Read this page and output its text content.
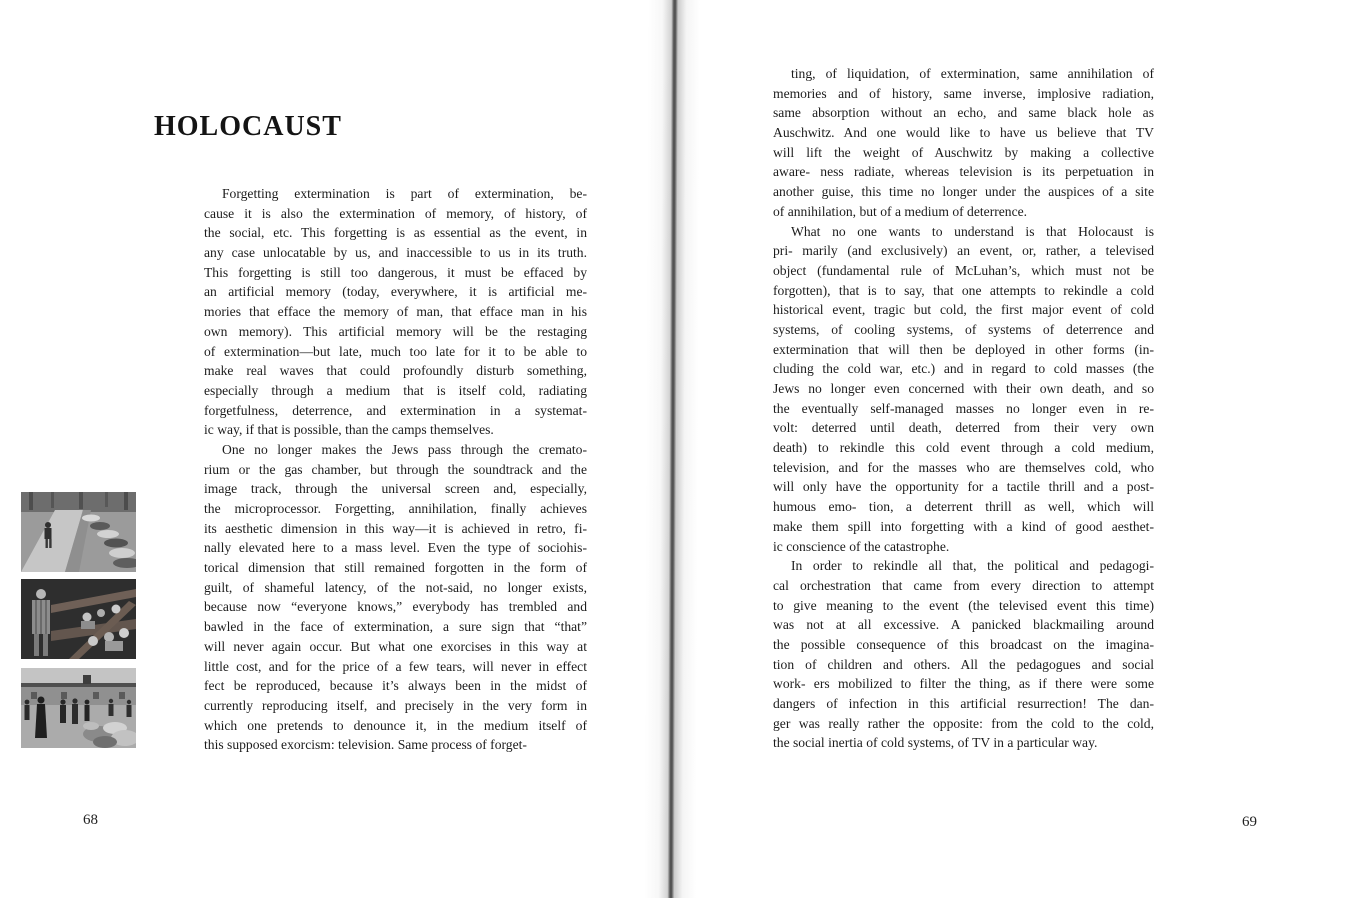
HOLOCAUST
Forgetting extermination is part of extermination, be-
cause it is also the extermination of memory, of history, of
the social, etc. This forgetting is as essential as the event, in
any case unlocatable by us, and inaccessible to us in its truth.
This forgetting is still too dangerous, it must be effaced by
an artificial memory (today, everywhere, it is artificial me-
mories that efface the memory of man, that efface man in his
own memory). This artificial memory will be the restaging
of extermination—but late, much too late for it to be able to
make real waves that could profoundly disturb something,
especially through a medium that is itself cold, radiating
forgetfulness, deterrence, and extermination in a systemat-
ic way, if that is possible, than the camps themselves.
One no longer makes the Jews pass through the cremato-
rium or the gas chamber, but through the soundtrack and the
image track, through the universal screen and, especially,
the microprocessor. Forgetting, annihilation, finally achieves
its aesthetic dimension in this way—it is achieved in retro, fi-
nally elevated here to a mass level. Even the type of sociohis-
torical dimension that still remained forgotten in the form of
guilt, of shameful latency, of the not-said, no longer exists,
because now “everyone knows,” everybody has trembled and
bawled in the face of extermination, a sure sign that “that”
will never again occur. But what one exorcises in this way at
little cost, and for the price of a few tears, will never in effect
fect be reproduced, because it’s always been in the midst of
currently reproducing itself, and precisely in the very form in
which one pretends to denounce it, in the medium itself of
this supposed exorcism: television. Same process of forget-
68
ting, of liquidation, of extermination, same annihilation of
memories and of history, same inverse, implosive radiation,
same absorption without an echo, and same black hole as
Auschwitz. And one would like to have us believe that TV
will lift the weight of Auschwitz by making a collective
aware- ness radiate, whereas television is its perpetuation in
another guise, this time no longer under the auspices of a site
of annihilation, but of a medium of deterrence.
What no one wants to understand is that Holocaust is
pri- marily (and exclusively) an event, or, rather, a televised
object (fundamental rule of McLuhan’s, which must not be
forgotten), that is to say, that one attempts to rekindle a cold
historical event, tragic but cold, the first major event of cold
systems, of cooling systems, of systems of deterrence and
extermination that will then be deployed in other forms (in-
cluding the cold war, etc.) and in regard to cold masses (the
Jews no longer even concerned with their own death, and so
the eventually self-managed masses no longer even in re-
volt: deterred until death, deterred from their very own
death) to rekindle this cold event through a cold medium,
television, and for the masses who are themselves cold, who
will only have the opportunity for a tactile thrill and a post-
humous emo- tion, a deterrent thrill as well, which will
make them spill into forgetting with a kind of good aesthet-
ic conscience of the catastrophe.
In order to rekindle all that, the political and pedagogi-
cal orchestration that came from every direction to attempt
to give meaning to the event (the televised event this time)
was not at all excessive. A panicked blackmailing around
the possible consequence of this broadcast on the imagina-
tion of children and others. All the pedagogues and social
work- ers mobilized to filter the thing, as if there were some
dangers of infection in this artificial resurrection! The dan-
ger was really rather the opposite: from the cold to the cold,
the social inertia of cold systems, of TV in a particular way.
69
